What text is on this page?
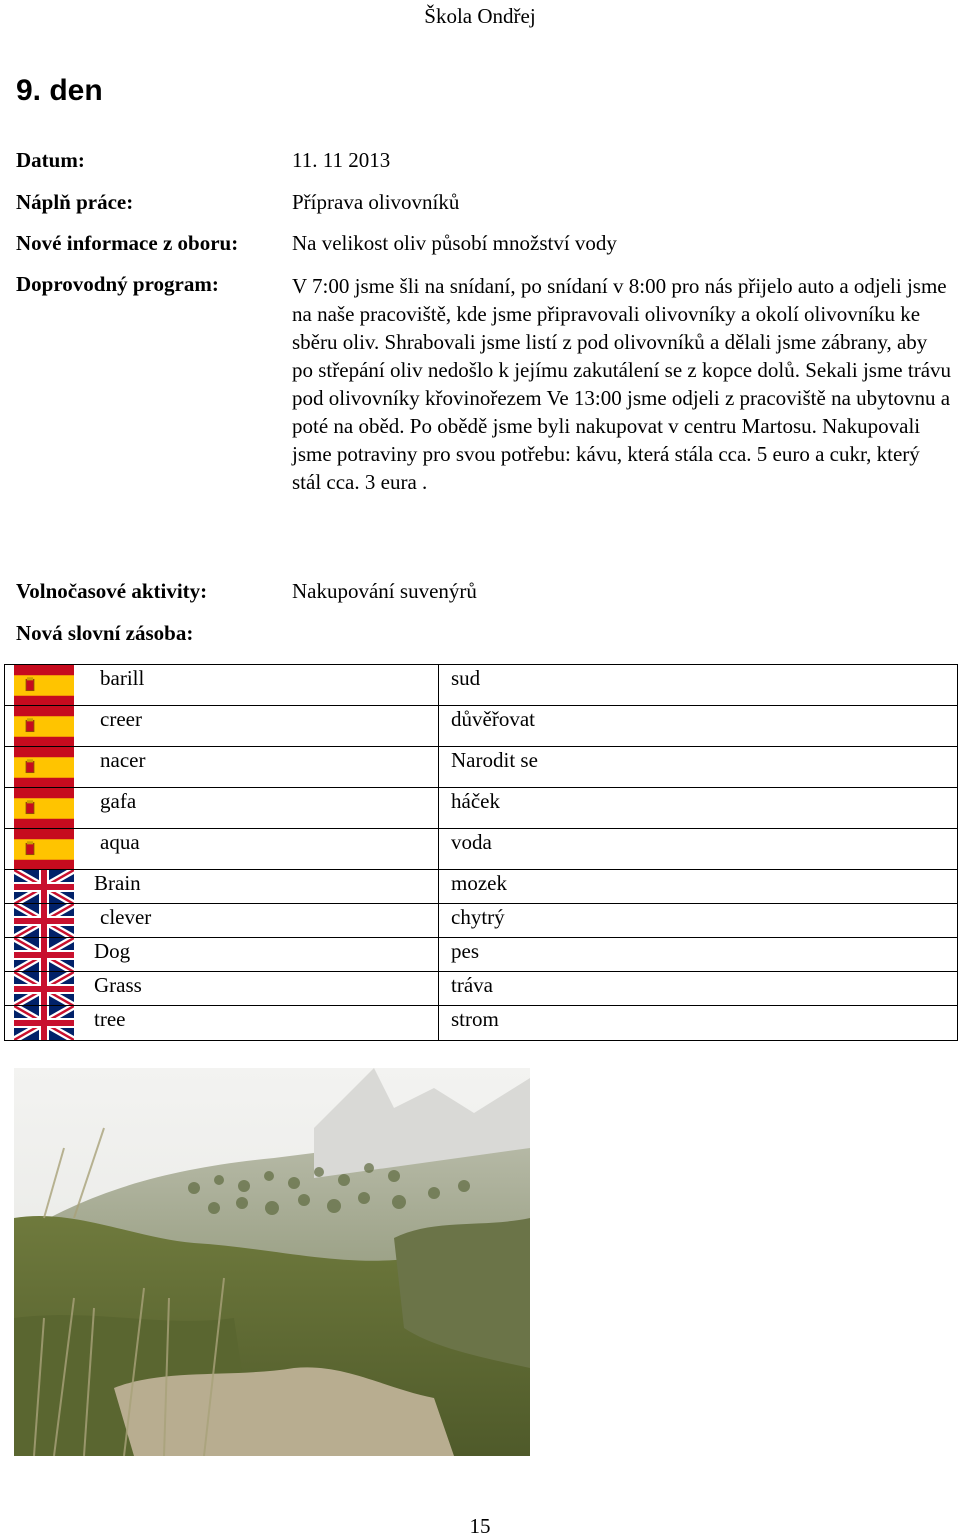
Škola Ondřej
9. den
Datum:	11. 11 2013
Náplň práce:	Příprava olivovníků
Nové informace z oboru:	Na velikost oliv působí množství vody
Doprovodný program:	V 7:00 jsme šli na snídaní, po snídaní v 8:00 pro nás přijelo auto a odjeli jsme na naše pracoviště, kde jsme připravovali olivovníky a okolí olivovníku ke sběru oliv. Shrabovali jsme listí z pod olivovníků a dělali jsme zábrany, aby po střepání oliv nedošlo k jejímu zakutálení se z kopce dolů. Sekali jsme trávu pod olivovníky křovinořezem Ve 13:00 jsme odjeli z pracoviště na ubytovnu a poté na oběd. Po obědě jsme byli nakupovat v centru Martosu. Nakupovali jsme potraviny pro svou potřebu: kávu, která stála cca. 5 euro a cukr, který stál cca. 3 eura .
Volnočasové aktivity:	Nakupování suvenýrů
Nová slovní zásoba:
barill	sud
creer	důvěřovat
nacer	Narodit se
gafa	háček
aqua	voda
Brain	mozek
clever	chytrý
Dog	pes
Grass	tráva
tree	strom
15
